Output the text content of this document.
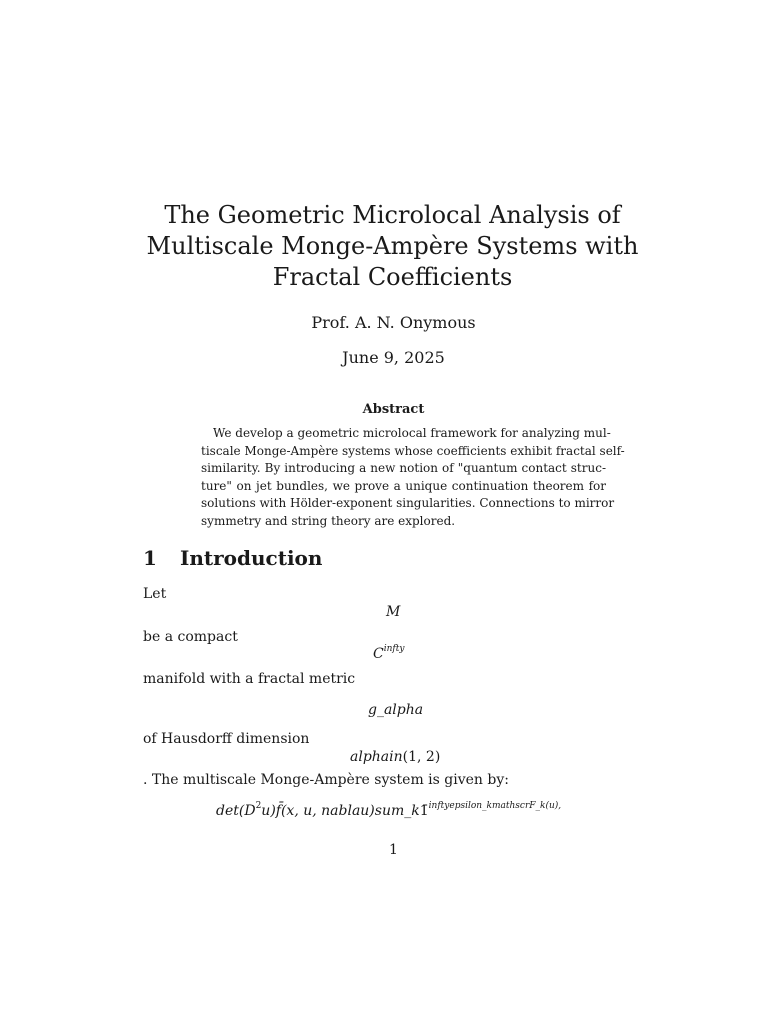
The Geometric Microlocal Analysis of
Multiscale Monge-Ampère Systems with
Fractal Coefficients
Prof. A. N. Onymous
June 9, 2025
Abstract
 We develop a geometric microlocal framework for analyzing mul-
tiscale Monge-Ampère systems whose coefficients exhibit fractal self-
similarity. By introducing a new notion of "quantum contact struc-
ture" on jet bundles, we prove a unique continuation theorem for
solutions with Hölder-exponent singularities. Connections to mirror
symmetry and string theory are explored.
1 Introduction
Let
M
be a compact
$C^{infty}$
manifold with a fractal metric
g_alpha
of Hausdorff dimension
alphain(1, 2)
. The multiscale Monge-Ampère system is given by:
$\det(D^2u)f̄(x$, u, nablau)sum_k1̄$^{inftyepsilon\_kmathscrF\_k(u),}$
1
